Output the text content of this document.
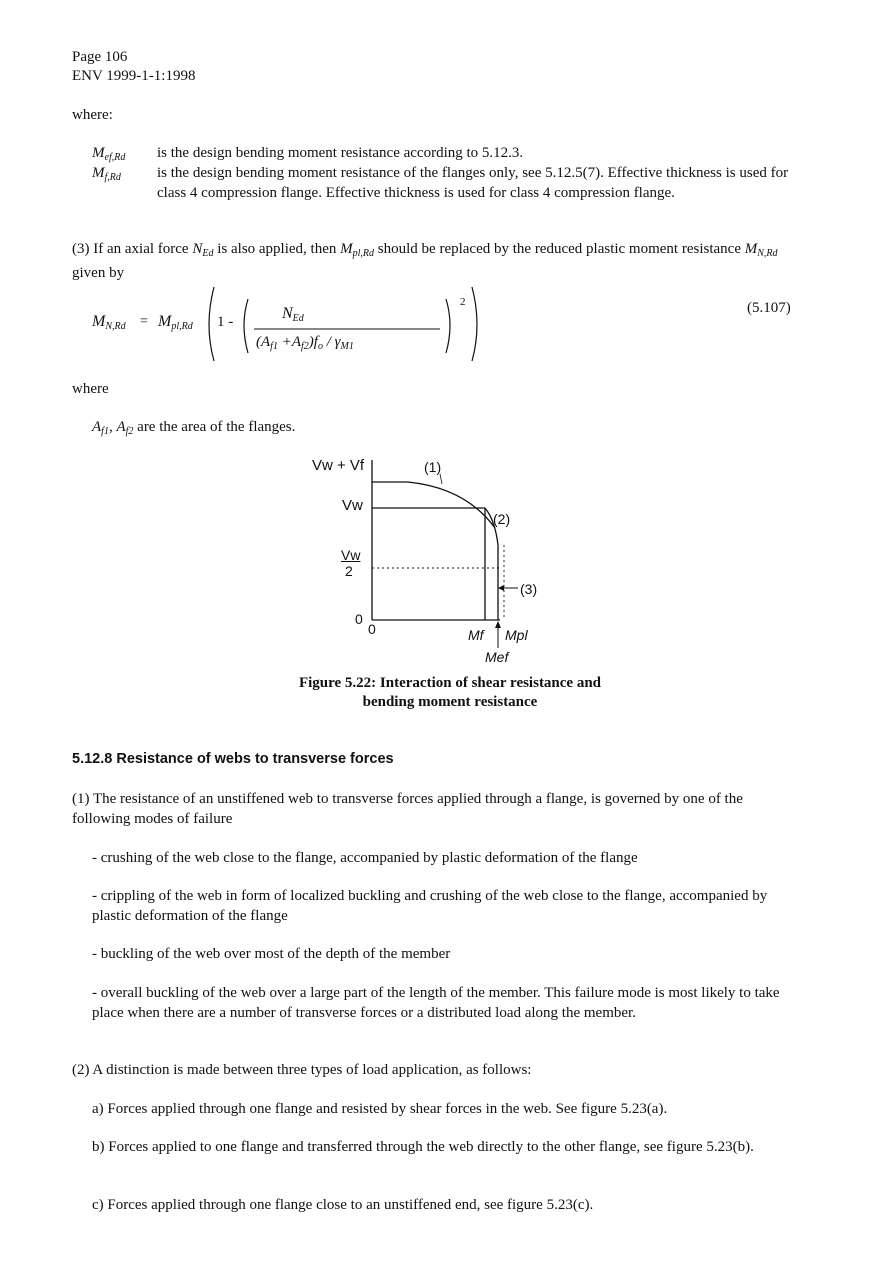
Page 106
ENV 1999-1-1:1998
where:
$M_{ef,Rd}$ is the design bending moment resistance according to 5.12.3.
$M_{f,Rd}$ is the design bending moment resistance of the flanges only, see 5.12.5(7). Effective thickness is used for class 4 compression flange. Effective thickness is used for class 4 compression flange.
(3) If an axial force $N_{Ed}$ is also applied, then $M_{pl,Rd}$ should be replaced by the reduced plastic moment resistance $M_{N,Rd}$ given by
$M_{N,Rd} = M_{pl,Rd}$ 1 -	$N_{Ed}$
$(A_{f1} +A_{f2})f_o / \gamma_{M1}$
2	(5.107)
where
$A_{f1}$, $A_{f2}$ are the area of the flanges.
Vw + Vf	(1)
Vw
(2)
Vw
2
(3)
0
0	Mf Mpl
Mef
Figure 5.22: Interaction of shear resistance and
bending moment resistance
5.12.8 Resistance of webs to transverse forces
(1) The resistance of an unstiffened web to transverse forces applied through a flange, is governed by one of the following modes of failure
- crushing of the web close to the flange, accompanied by plastic deformation of the flange
- crippling of the web in form of localized buckling and crushing of the web close to the flange, accompanied by plastic deformation of the flange
- buckling of the web over most of the depth of the member
- overall buckling of the web over a large part of the length of the member. This failure mode is most likely to take place when there are a number of transverse forces or a distributed load along the member.
(2) A distinction is made between three types of load application, as follows:
a) Forces applied through one flange and resisted by shear forces in the web. See figure 5.23(a).
b) Forces applied to one flange and transferred through the web directly to the other flange, see figure 5.23(b).
c) Forces applied through one flange close to an unstiffened end, see figure 5.23(c).
